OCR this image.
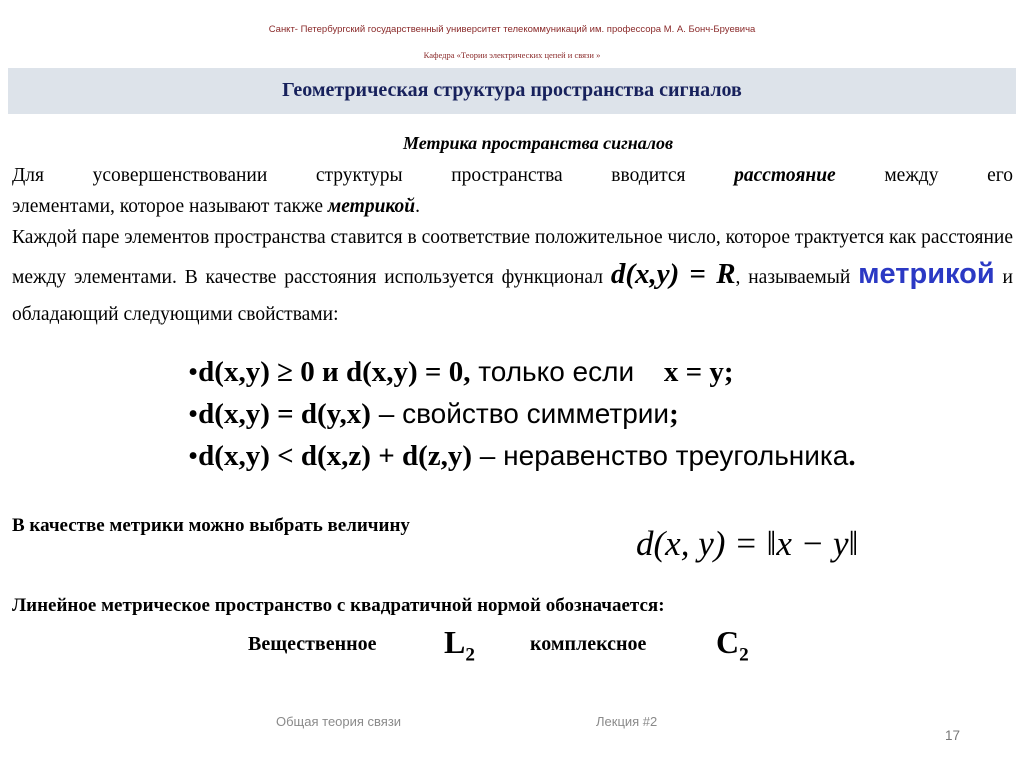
Санкт- Петербургский государственный университет телекоммуникаций им. профессора М. А. Бонч-Бруевича
Кафедра «Теории электрических цепей и связи »
Геометрическая структура пространства сигналов
Метрика пространства сигналов
Для усовершенствовании структуры пространства вводится расстояние между его
элементами, которое называют также метрикой.
Каждой паре элементов пространства ставится в соответствие положительное число, которое трактуется как расстояние между элементами. В качестве расстояния используется функционал d(x,y) = R, называемый метрикой и обладающий следующими свойствами:
•d(x,y) ≥ 0 и d(x,y) = 0, только если x = y;
•d(x,y) = d(y,x) – свойство симметрии;
•d(x,y) < d(x,z) + d(z,y) – неравенство треугольника.
В качестве метрики можно выбрать величину	d(x, y) = ‖x − y‖
Линейное метрическое пространство с квадратичной нормой обозначается:
Вещественное $L_2$	комплексное $C_2$
Общая теория связи	Лекция #2
17
